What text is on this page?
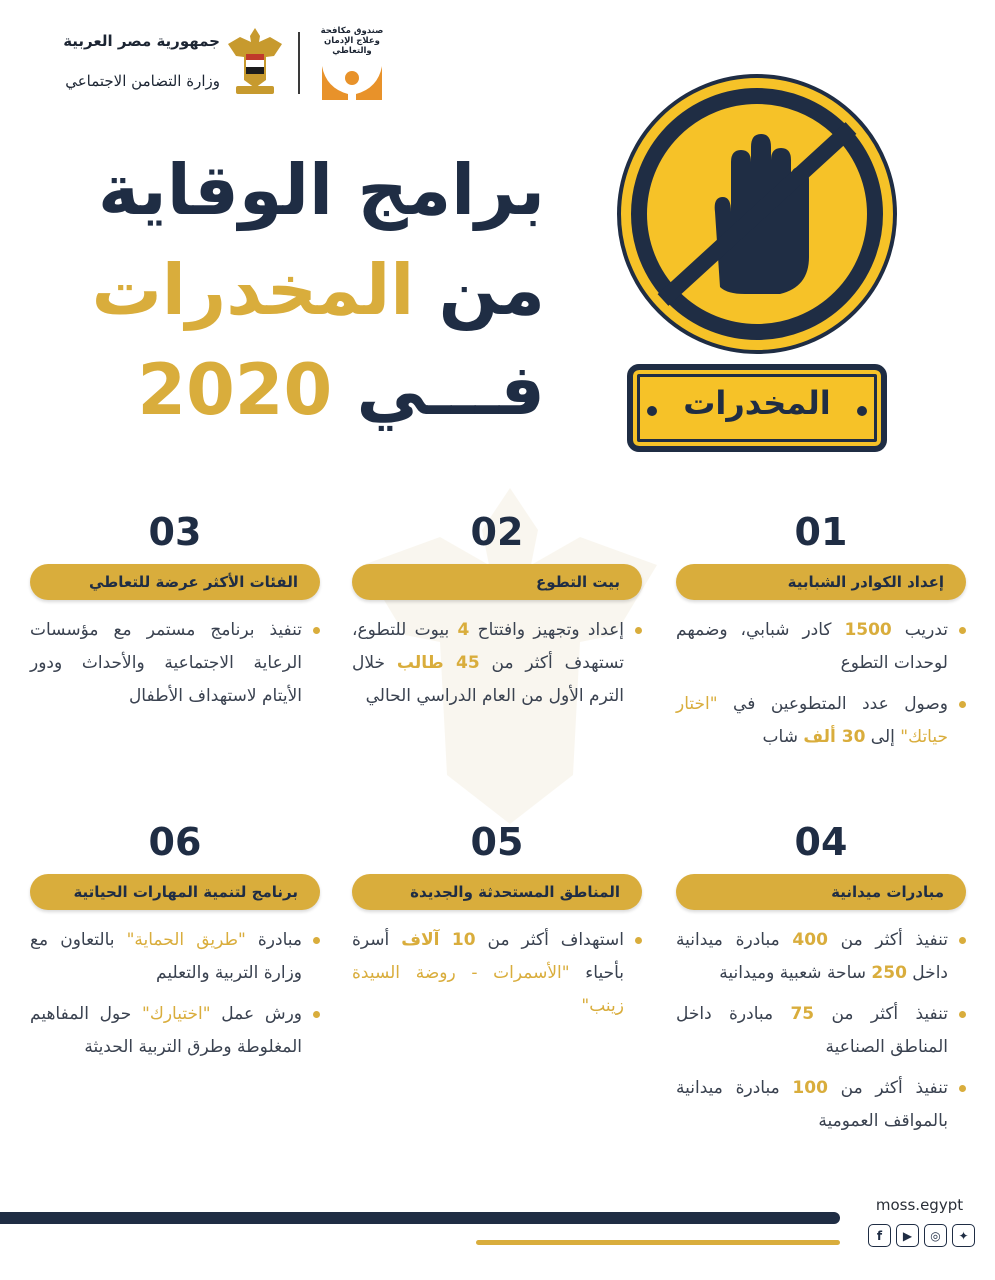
جمهورية مصر العربية
وزارة التضامن الاجتماعي
صندوق مكافحة وعلاج الإدمان والتعاطي
برامج الوقاية
من المخدرات
فـــي 2020	المخدرات
01
إعداد الكوادر الشبابية
تدريب 1500 كادر شبابي، وضمهم لوحدات التطوع
وصول عدد المتطوعين في "اختار حياتك" إلى 30 ألف شاب
02
بيت التطوع
إعداد وتجهيز وافتتاح 4 بيوت للتطوع، تستهدف أكثر من 45 طالب خلال الترم الأول من العام الدراسي الحالي
03
الفئات الأكثر عرضة للتعاطي
تنفيذ برنامج مستمر مع مؤسسات الرعاية الاجتماعية والأحداث ودور الأيتام لاستهداف الأطفال
04
مبادرات ميدانية
تنفيذ أكثر من 400 مبادرة ميدانية داخل 250 ساحة شعبية وميدانية
تنفيذ أكثر من 75 مبادرة داخل المناطق الصناعية
تنفيذ أكثر من 100 مبادرة ميدانية بالمواقف العمومية
05
المناطق المستحدثة والجديدة
استهداف أكثر من 10 آلاف أسرة بأحياء "الأسمرات - روضة السيدة زينب"
06
برنامج لتنمية المهارات الحياتية
مبادرة "طريق الحماية" بالتعاون مع وزارة التربية والتعليم
ورش عمل "اختيارك" حول المفاهيم المغلوطة وطرق التربية الحديثة
moss.egypt
f	▶	◎	✦
